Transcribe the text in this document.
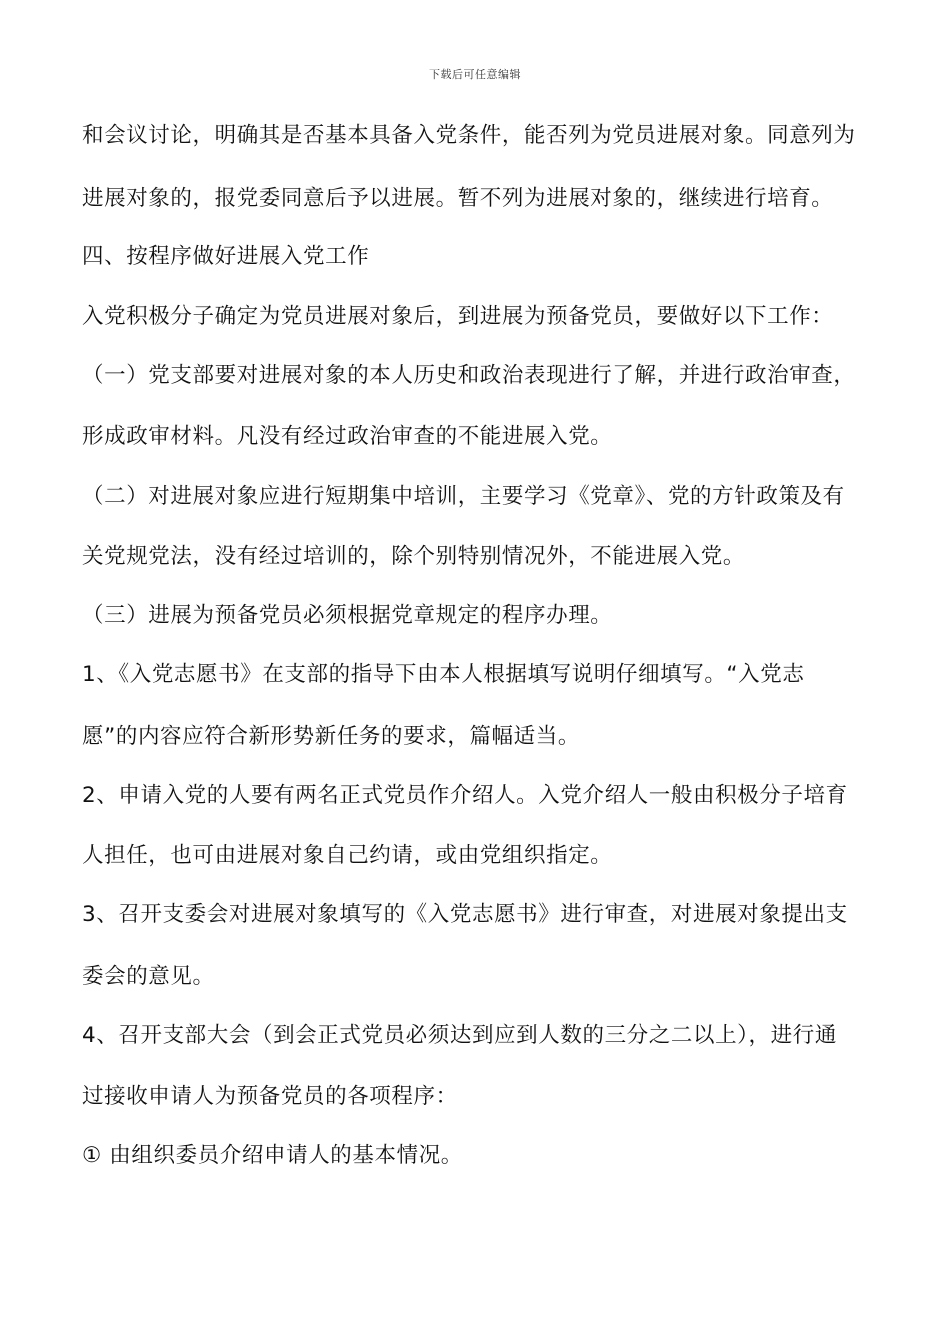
下载后可任意编辑
和会议讨论，明确其是否基本具备入党条件，能否列为党员进展对象。同意列为
进展对象的，报党委同意后予以进展。暂不列为进展对象的，继续进行培育。
四、按程序做好进展入党工作
入党积极分子确定为党员进展对象后，到进展为预备党员，要做好以下工作：
（一）党支部要对进展对象的本人历史和政治表现进行了解，并进行政治审查，
形成政审材料。凡没有经过政治审查的不能进展入党。
（二）对进展对象应进行短期集中培训，主要学习《党章》、党的方针政策及有
关党规党法，没有经过培训的，除个别特别情况外，不能进展入党。
（三）进展为预备党员必须根据党章规定的程序办理。
1、《入党志愿书》在支部的指导下由本人根据填写说明仔细填写。“入党志
愿”的内容应符合新形势新任务的要求，篇幅适当。
2、申请入党的人要有两名正式党员作介绍人。入党介绍人一般由积极分子培育
人担任，也可由进展对象自己约请，或由党组织指定。
3、召开支委会对进展对象填写的《入党志愿书》进行审查，对进展对象提出支
委会的意见。
4、召开支部大会（到会正式党员必须达到应到人数的三分之二以上），进行通
过接收申请人为预备党员的各项程序：
① 由组织委员介绍申请人的基本情况。
